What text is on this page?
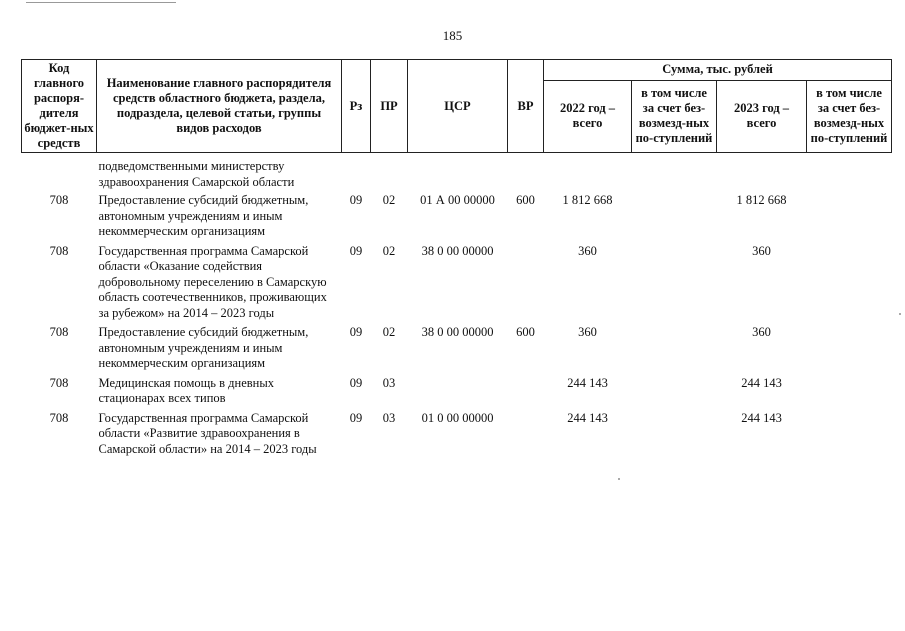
185
Код главного распоря-дителя бюджет-ных средств	Наименование главного распорядителя средств областного бюджета, раздела, подраздела, целевой статьи, группы видов расходов	Рз	ПР	ЦСР	ВР	Сумма, тыс. рублей			
						2022 год – всего	в том числе за счет без-возмезд-ных по-ступлений	2023 год – всего	в том числе за счет без-возмезд-ных по-ступлений
	подведомственными министерству здравоохранения Самарской области								
708	Предоставление субсидий бюджетным, автономным учреждениям и иным некоммерческим организациям	09	02	01 А 00 00000	600	1 812 668		1 812 668	
708	Государственная программа Самарской области «Оказание содействия добровольному переселению в Самарскую область соотечественников, проживающих за рубежом» на 2014 – 2023 годы	09	02	38 0 00 00000		360		360	
708	Предоставление субсидий бюджетным, автономным учреждениям и иным некоммерческим организациям	09	02	38 0 00 00000	600	360		360	
708	Медицинская помощь в дневных стационарах всех типов	09	03			244 143		244 143	
708	Государственная программа Самарской области «Развитие здравоохранения в Самарской области» на 2014 – 2023 годы	09	03	01 0 00 00000		244 143		244 143	
